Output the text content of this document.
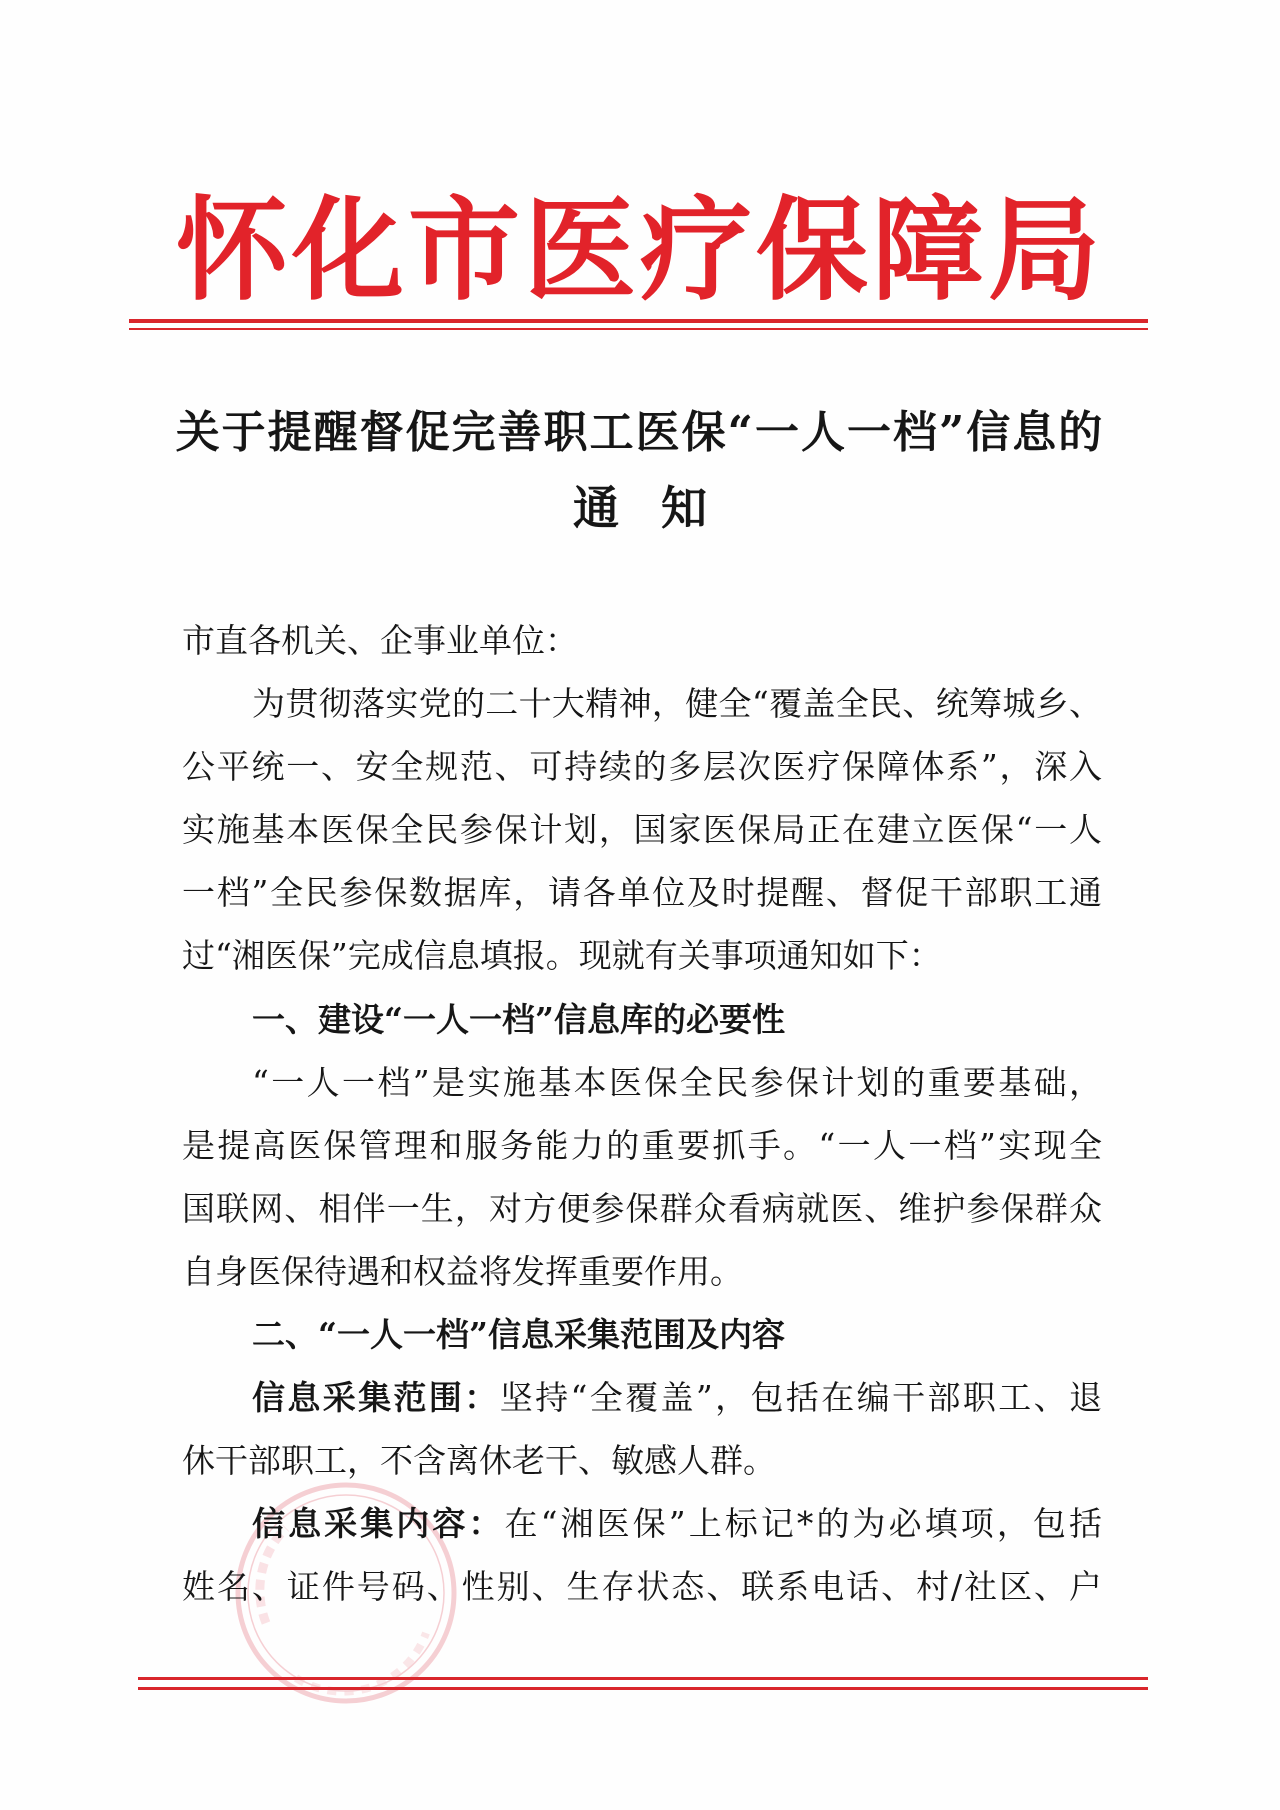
怀化市医疗保障局
关于提醒督促完善职工医保“一人一档”信息的
通知
市直各机关、企事业单位：
为贯彻落实党的二十大精神，健全“覆盖全民、统筹城乡、
公平统一、安全规范、可持续的多层次医疗保障体系”，深入
实施基本医保全民参保计划，国家医保局正在建立医保“一人
一档”全民参保数据库，请各单位及时提醒、督促干部职工通
过“湘医保”完成信息填报。现就有关事项通知如下：
一、建设“一人一档”信息库的必要性
“一人一档”是实施基本医保全民参保计划的重要基础，
是提高医保管理和服务能力的重要抓手。“一人一档”实现全
国联网、相伴一生，对方便参保群众看病就医、维护参保群众
自身医保待遇和权益将发挥重要作用。
二、“一人一档”信息采集范围及内容
信息采集范围：坚持“全覆盖”，包括在编干部职工、退
休干部职工，不含离休老干、敏感人群。
信息采集内容：在“湘医保”上标记*的为必填项，包括
姓名、证件号码、性别、生存状态、联系电话、村/社区、户
